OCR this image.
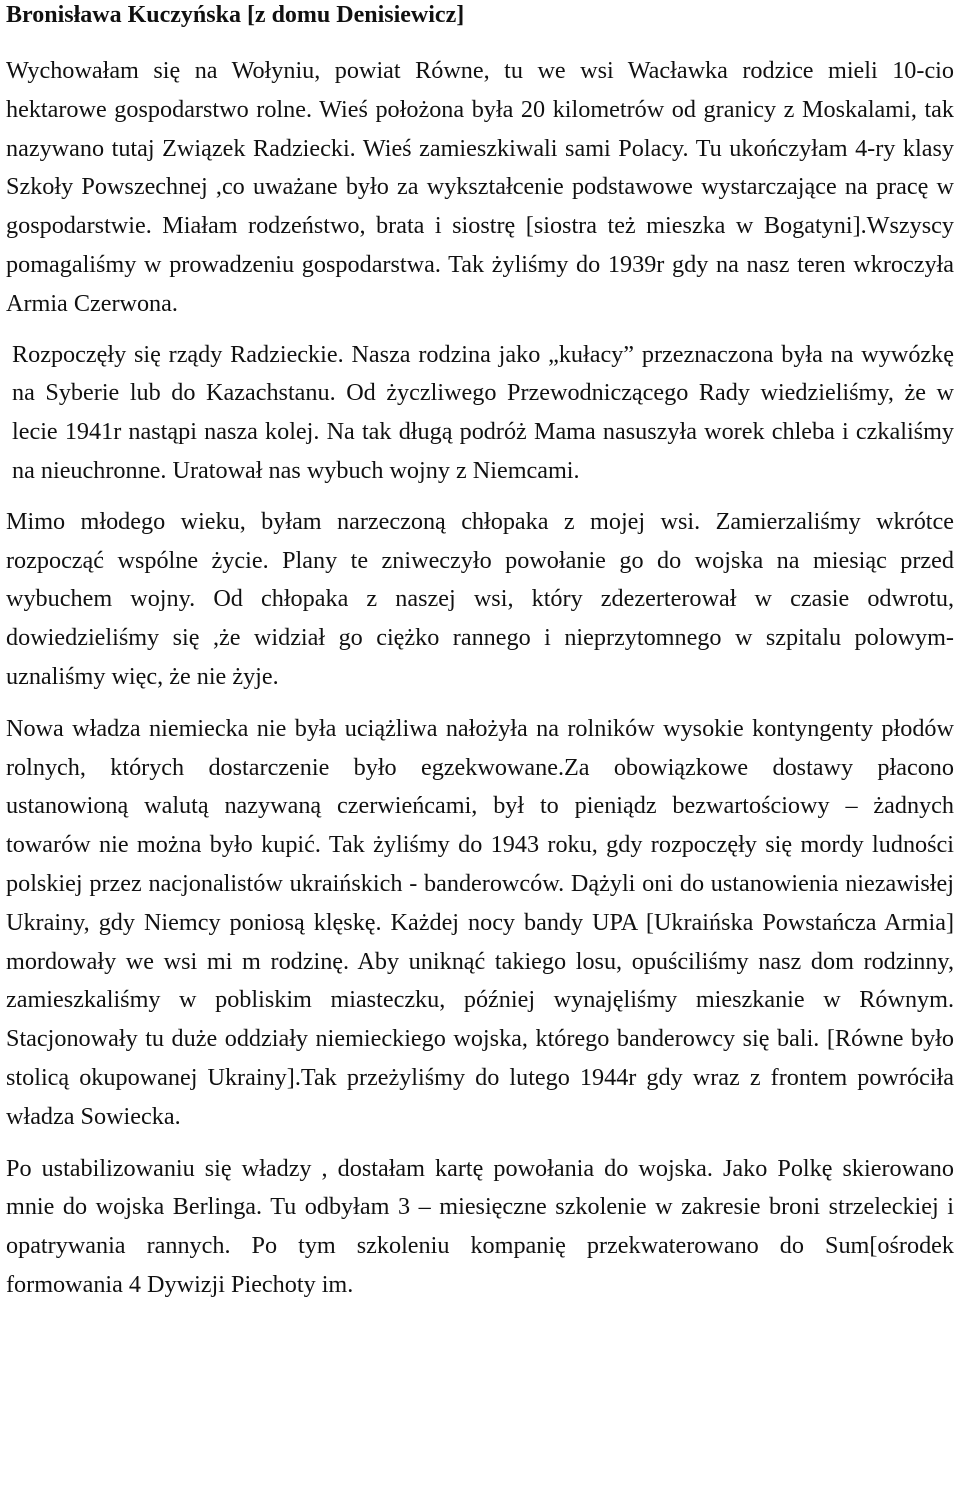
Bronisława Kuczyńska [z domu Denisiewicz]

Wychowałam się na Wołyniu, powiat Równe, tu we wsi Wacławka rodzice mieli 10-cio hektarowe gospodarstwo rolne. Wieś położona była 20 kilometrów od granicy z Moskalami, tak nazywano tutaj Związek Radziecki. Wieś zamieszkiwali sami Polacy. Tu ukończyłam 4-ry klasy Szkoły Powszechnej ,co uważane było za wykształcenie podstawowe wystarczające na pracę w gospodarstwie. Miałam rodzeństwo, brata i siostrę [siostra też mieszka w Bogatyni].Wszyscy pomagaliśmy w prowadzeniu gospodarstwa. Tak żyliśmy do 1939r gdy na nasz teren wkroczyła Armia Czerwona.

Rozpoczęły się rządy Radzieckie. Nasza rodzina jako „kułacy” przeznaczona była na wywózkę na Syberie lub do Kazachstanu. Od życzliwego Przewodniczącego Rady wiedzieliśmy, że w lecie 1941r nastąpi nasza kolej. Na tak długą podróż Mama nasuszyła worek chleba i czkaliśmy na nieuchronne. Uratował nas wybuch wojny z Niemcami.

Mimo młodego wieku, byłam narzeczoną chłopaka z mojej wsi. Zamierzaliśmy wkrótce rozpocząć wspólne życie. Plany te zniweczyło powołanie go do wojska na miesiąc przed wybuchem wojny. Od chłopaka z naszej wsi, który zdezerterował w czasie odwrotu, dowiedzieliśmy się ,że widział go ciężko rannego i nieprzytomnego w szpitalu polowym- uznaliśmy więc, że nie żyje.

Nowa władza niemiecka nie była uciążliwa nałożyła na rolników wysokie kontyngenty płodów rolnych, których dostarczenie było egzekwowane.Za obowiązkowe dostawy płacono ustanowioną walutą nazywaną czerwieńcami, był to pieniądz bezwartościowy – żadnych towarów nie można było kupić. Tak żyliśmy do 1943 roku, gdy rozpoczęły się mordy ludności polskiej przez nacjonalistów ukraińskich - banderowców. Dążyli oni do ustanowienia niezawisłej Ukrainy, gdy Niemcy poniosą klęskę. Każdej nocy bandy UPA [Ukraińska Powstańcza Armia] mordowały we wsi mi m rodzinę. Aby uniknąć takiego losu, opuściliśmy nasz dom rodzinny, zamieszkaliśmy w pobliskim miasteczku, później wynajęliśmy mieszkanie w Równym. Stacjonowały tu duże oddziały niemieckiego wojska, którego banderowcy się bali. [Równe było stolicą okupowanej Ukrainy].Tak przeżyliśmy do lutego 1944r gdy wraz z frontem powróciła władza Sowiecka.

Po ustabilizowaniu się władzy , dostałam kartę powołania do wojska. Jako Polkę skierowano mnie do wojska Berlinga. Tu odbyłam 3 – miesięczne szkolenie w zakresie broni strzeleckiej i opatrywania rannych. Po tym szkoleniu kompanię przekwaterowano do Sum[ośrodek formowania 4 Dywizji Piechoty im.
